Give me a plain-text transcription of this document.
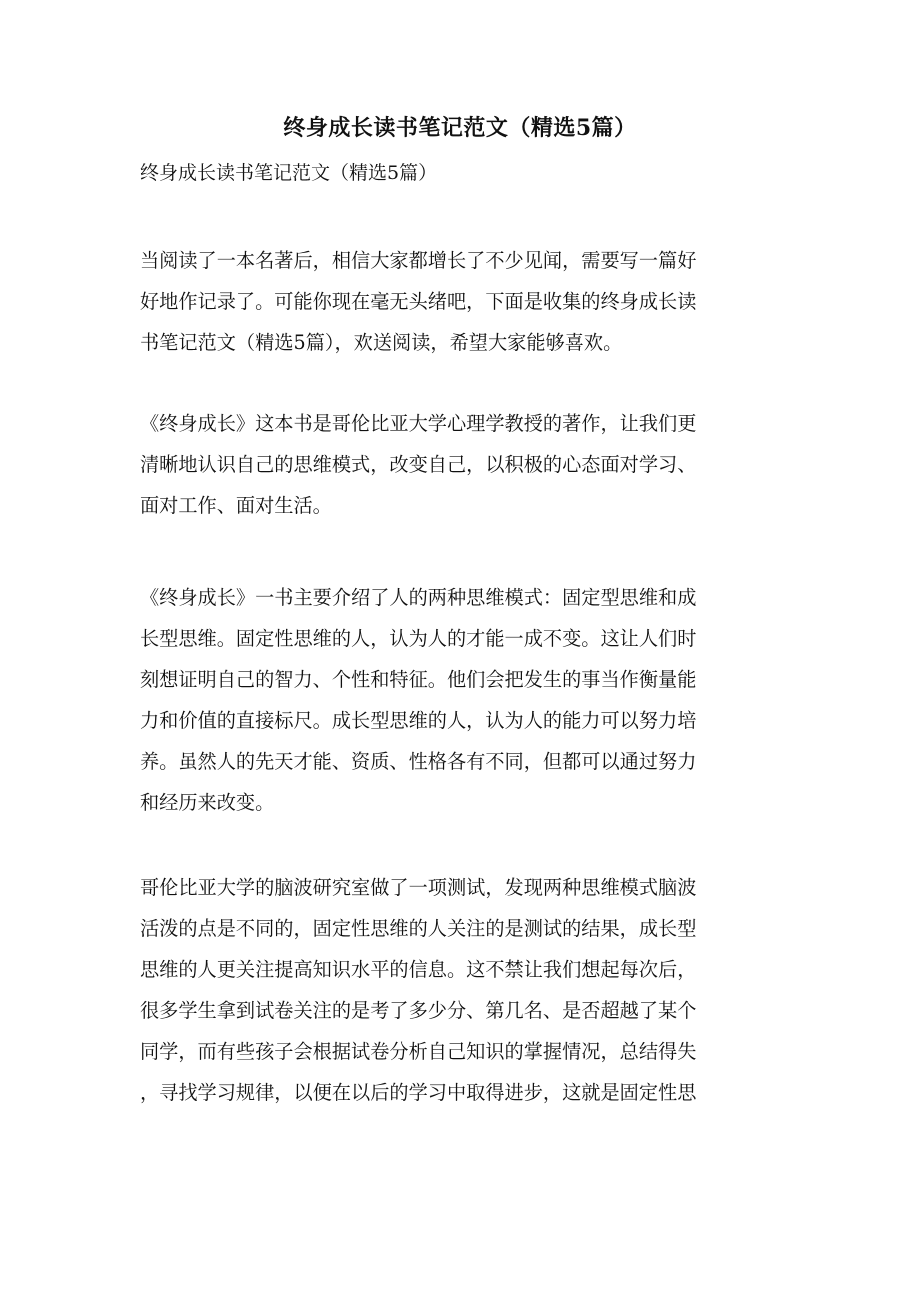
终身成长读书笔记范文（精选5篇）
终身成长读书笔记范文（精选5篇）
当阅读了一本名著后，相信大家都增长了不少见闻，需要写一篇好
好地作记录了。可能你现在毫无头绪吧，下面是收集的终身成长读
书笔记范文（精选5篇），欢送阅读，希望大家能够喜欢。
《终身成长》这本书是哥伦比亚大学心理学教授的著作，让我们更
清晰地认识自己的思维模式，改变自己，以积极的心态面对学习、
面对工作、面对生活。
《终身成长》一书主要介绍了人的两种思维模式：固定型思维和成
长型思维。固定性思维的人，认为人的才能一成不变。这让人们时
刻想证明自己的智力、个性和特征。他们会把发生的事当作衡量能
力和价值的直接标尺。成长型思维的人，认为人的能力可以努力培
养。虽然人的先天才能、资质、性格各有不同，但都可以通过努力
和经历来改变。
哥伦比亚大学的脑波研究室做了一项测试，发现两种思维模式脑波
活泼的点是不同的，固定性思维的人关注的是测试的结果，成长型
思维的人更关注提高知识水平的信息。这不禁让我们想起每次后，
很多学生拿到试卷关注的是考了多少分、第几名、是否超越了某个
同学，而有些孩子会根据试卷分析自己知识的掌握情况，总结得失
，寻找学习规律，以便在以后的学习中取得进步，这就是固定性思
